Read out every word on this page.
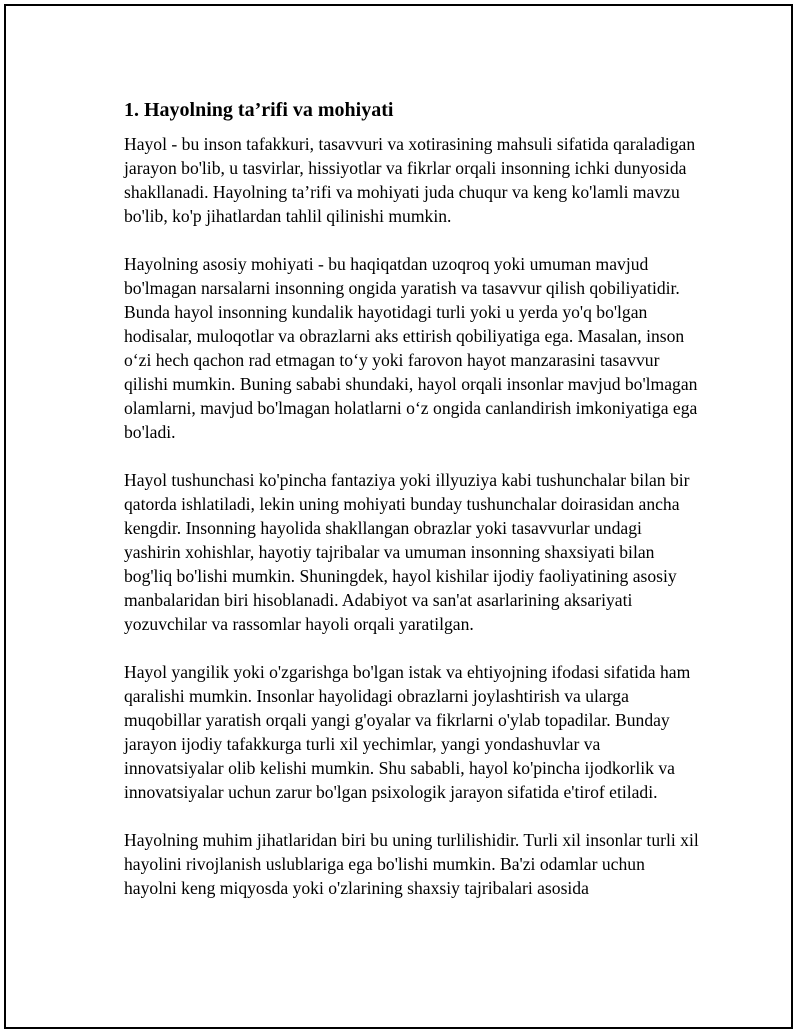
1. Hayolning ta’rifi va mohiyati

Hayol - bu inson tafakkuri, tasavvuri va xotirasining mahsuli sifatida qaraladigan jarayon bo'lib, u tasvirlar, hissiyotlar va fikrlar orqali insonning ichki dunyosida shakllanadi. Hayolning ta’rifi va mohiyati juda chuqur va keng ko'lamli mavzu bo'lib, ko'p jihatlardan tahlil qilinishi mumkin.

Hayolning asosiy mohiyati - bu haqiqatdan uzoqroq yoki umuman mavjud bo'lmagan narsalarni insonning ongida yaratish va tasavvur qilish qobiliyatidir. Bunda hayol insonning kundalik hayotidagi turli yoki u yerda yo'q bo'lgan hodisalar, muloqotlar va obrazlarni aks ettirish qobiliyatiga ega. Masalan, inson o‘zi hech qachon rad etmagan to‘y yoki farovon hayot manzarasini tasavvur qilishi mumkin. Buning sababi shundaki, hayol orqali insonlar mavjud bo'lmagan olamlarni, mavjud bo'lmagan holatlarni o‘z ongida canlandirish imkoniyatiga ega bo'ladi.

Hayol tushunchasi ko'pincha fantaziya yoki illyuziya kabi tushunchalar bilan bir qatorda ishlatiladi, lekin uning mohiyati bunday tushunchalar doirasidan ancha kengdir. Insonning hayolida shakllangan obrazlar yoki tasavvurlar undagi yashirin xohishlar, hayotiy tajribalar va umuman insonning shaxsiyati bilan bog'liq bo'lishi mumkin. Shuningdek, hayol kishilar ijodiy faoliyatining asosiy manbalaridan biri hisoblanadi. Adabiyot va san'at asarlarining aksariyati yozuvchilar va rassomlar hayoli orqali yaratilgan.

Hayol yangilik yoki o'zgarishga bo'lgan istak va ehtiyojning ifodasi sifatida ham qaralishi mumkin. Insonlar hayolidagi obrazlarni joylashtirish va ularga muqobillar yaratish orqali yangi g'oyalar va fikrlarni o'ylab topadilar. Bunday jarayon ijodiy tafakkurga turli xil yechimlar, yangi yondashuvlar va innovatsiyalar olib kelishi mumkin. Shu sababli, hayol ko'pincha ijodkorlik va innovatsiyalar uchun zarur bo'lgan psixologik jarayon sifatida e'tirof etiladi.

Hayolning muhim jihatlaridan biri bu uning turlilishidir. Turli xil insonlar turli xil hayolini rivojlanish uslublariga ega bo'lishi mumkin. Ba'zi odamlar uchun hayolni keng miqyosda yoki o'zlarining shaxsiy tajribalari asosida
